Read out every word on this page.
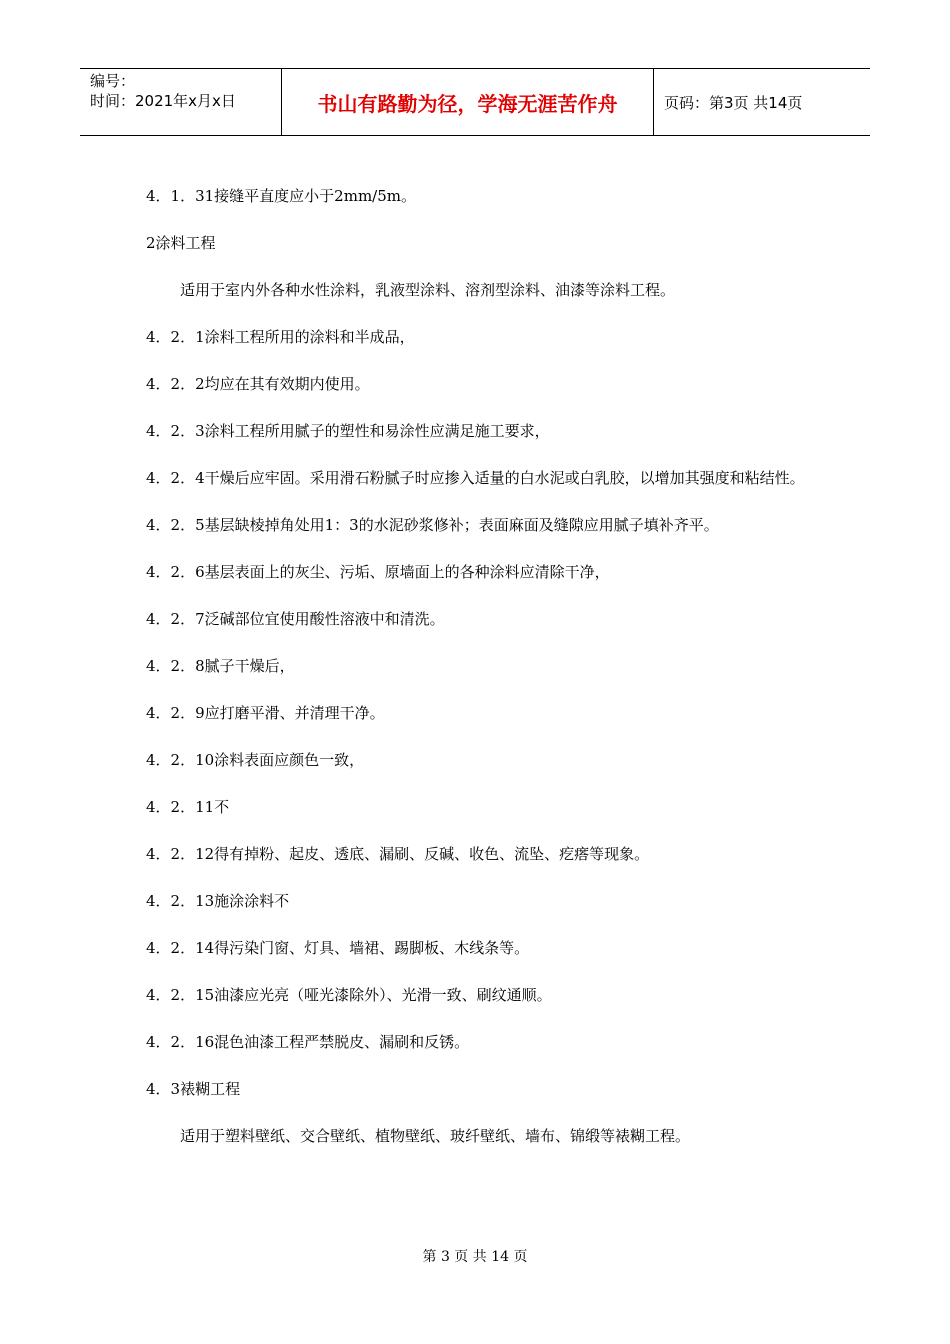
编号：
时间：2021年x月x日	书山有路勤为径，学海无涯苦作舟	页码：第3页 共14页

4．1．31接缝平直度应小于2mm/5m。

2涂料工程

适用于室内外各种水性涂料，乳液型涂料、溶剂型涂料、油漆等涂料工程。

4．2．1涂料工程所用的涂料和半成品，

4．2．2均应在其有效期内使用。

4．2．3涂料工程所用腻子的塑性和易涂性应满足施工要求，

4．2．4干燥后应牢固。采用滑石粉腻子时应掺入适量的白水泥或白乳胶，以增加其强度和粘结性。

4．2．5基层缺棱掉角处用1：3的水泥砂浆修补；表面麻面及缝隙应用腻子填补齐平。

4．2．6基层表面上的灰尘、污垢、原墙面上的各种涂料应清除干净，

4．2．7泛碱部位宜使用酸性溶液中和清洗。

4．2．8腻子干燥后，

4．2．9应打磨平滑、并清理干净。

4．2．10涂料表面应颜色一致，

4．2．11不

4．2．12得有掉粉、起皮、透底、漏刷、反碱、收色、流坠、疙瘩等现象。

4．2．13施涂涂料不

4．2．14得污染门窗、灯具、墙裙、踢脚板、木线条等。

4．2．15油漆应光亮（哑光漆除外）、光滑一致、刷纹通顺。

4．2．16混色油漆工程严禁脱皮、漏刷和反锈。

4．3裱糊工程

适用于塑料壁纸、交合壁纸、植物壁纸、玻纤壁纸、墙布、锦缎等裱糊工程。

第 3 页 共 14 页
